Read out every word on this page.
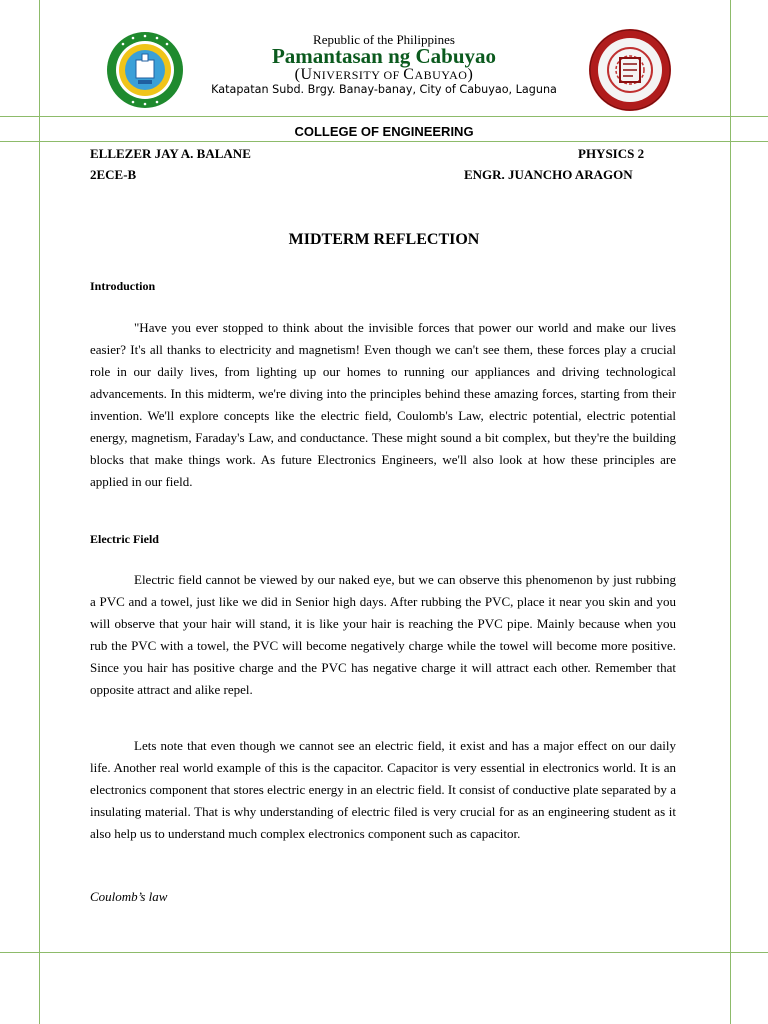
Republic of the Philippines
Pamantasan ng Cabuyao
(UNIVERSITY OF CABUYAO)
Katapatan Subd. Brgy. Banay-banay, City of Cabuyao, Laguna
COLLEGE OF ENGINEERING
ELLEZER JAY A. BALANE	PHYSICS 2
2ECE-B	ENGR. JUANCHO ARAGON
MIDTERM REFLECTION
Introduction

"Have you ever stopped to think about the invisible forces that power our world and make our lives easier? It's all thanks to electricity and magnetism! Even though we can't see them, these forces play a crucial role in our daily lives, from lighting up our homes to running our appliances and driving technological advancements. In this midterm, we're diving into the principles behind these amazing forces, starting from their invention. We'll explore concepts like the electric field, Coulomb's Law, electric potential, electric potential energy, magnetism, Faraday's Law, and conductance. These might sound a bit complex, but they're the building blocks that make things work. As future Electronics Engineers, we'll also look at how these principles are applied in our field.

Electric Field

Electric field cannot be viewed by our naked eye, but we can observe this phenomenon by just rubbing a PVC and a towel, just like we did in Senior high days. After rubbing the PVC, place it near you skin and you will observe that your hair will stand, it is like your hair is reaching the PVC pipe. Mainly because when you rub the PVC with a towel, the PVC will become negatively charge while the towel will become more positive. Since you hair has positive charge and the PVC has negative charge it will attract each other. Remember that opposite attract and alike repel.

Lets note that even though we cannot see an electric field, it exist and has a major effect on our daily life. Another real world example of this is the capacitor. Capacitor is very essential in electronics world. It is an electronics component that stores electric energy in an electric field. It consist of conductive plate separated by a insulating material. That is why understanding of electric filed is very crucial for as an engineering student as it also help us to understand much complex electronics component such as capacitor.

Coulomb’s law
